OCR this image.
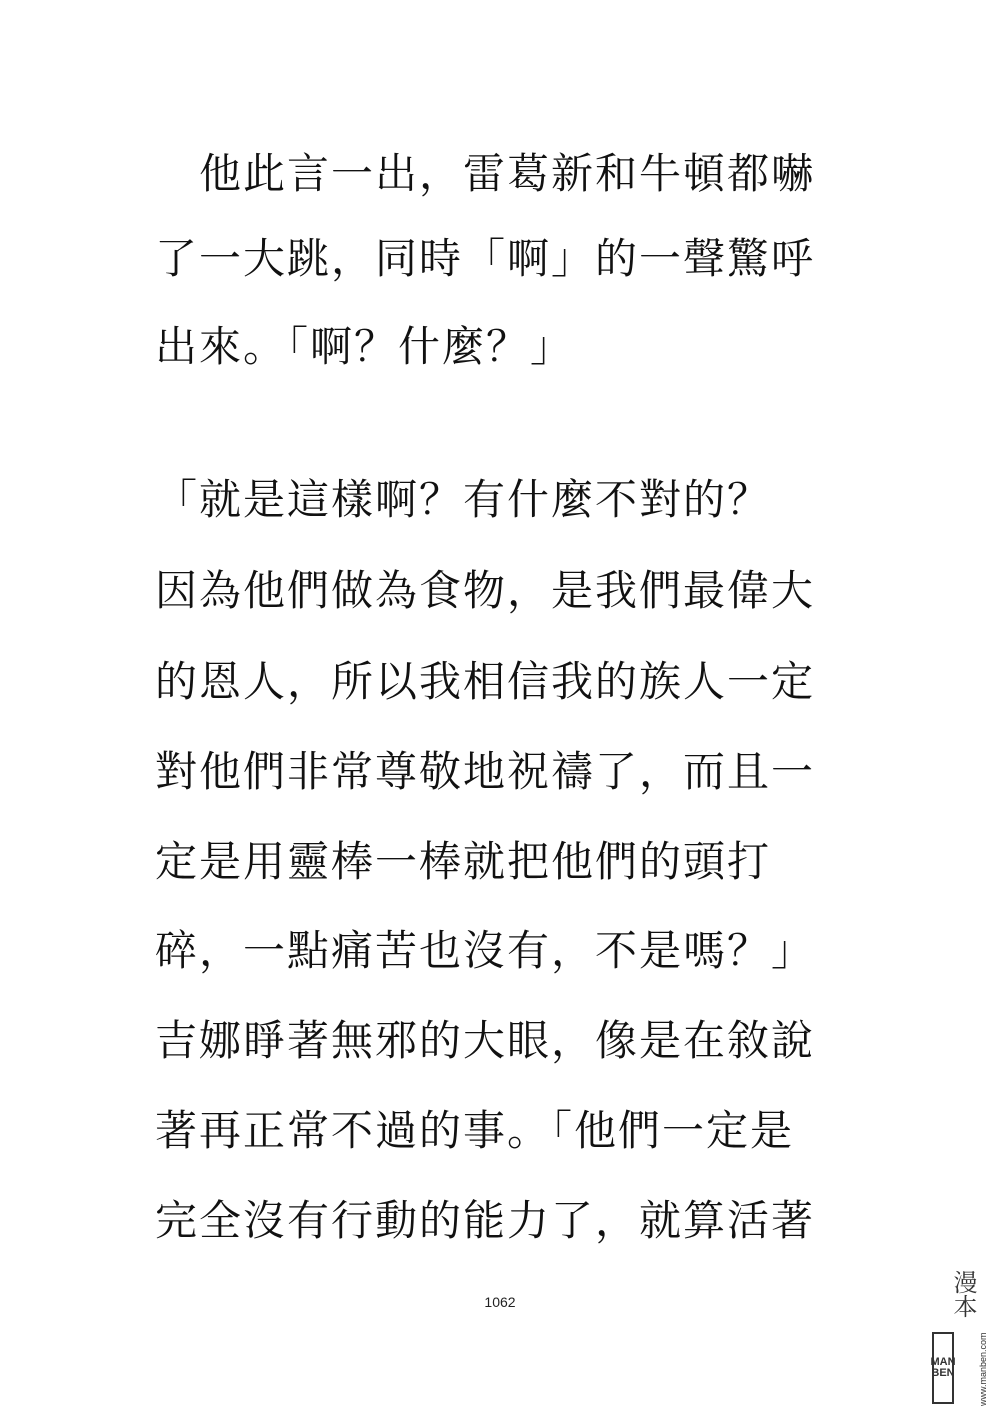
　他此言一出，雷葛新和牛頓都嚇
了一大跳，同時「啊」的一聲驚呼
出來。「啊？什麼？」
「就是這樣啊？有什麼不對的？
因為他們做為食物，是我們最偉大
的恩人，所以我相信我的族人一定
對他們非常尊敬地祝禱了，而且一
定是用靈棒一棒就把他們的頭打
碎，一點痛苦也沒有，不是嗎？」
吉娜睜著無邪的大眼，像是在敘說
著再正常不過的事。「他們一定是
完全沒有行動的能力了，就算活著
1062	漫本
MAN
BEN	www.manben.com
